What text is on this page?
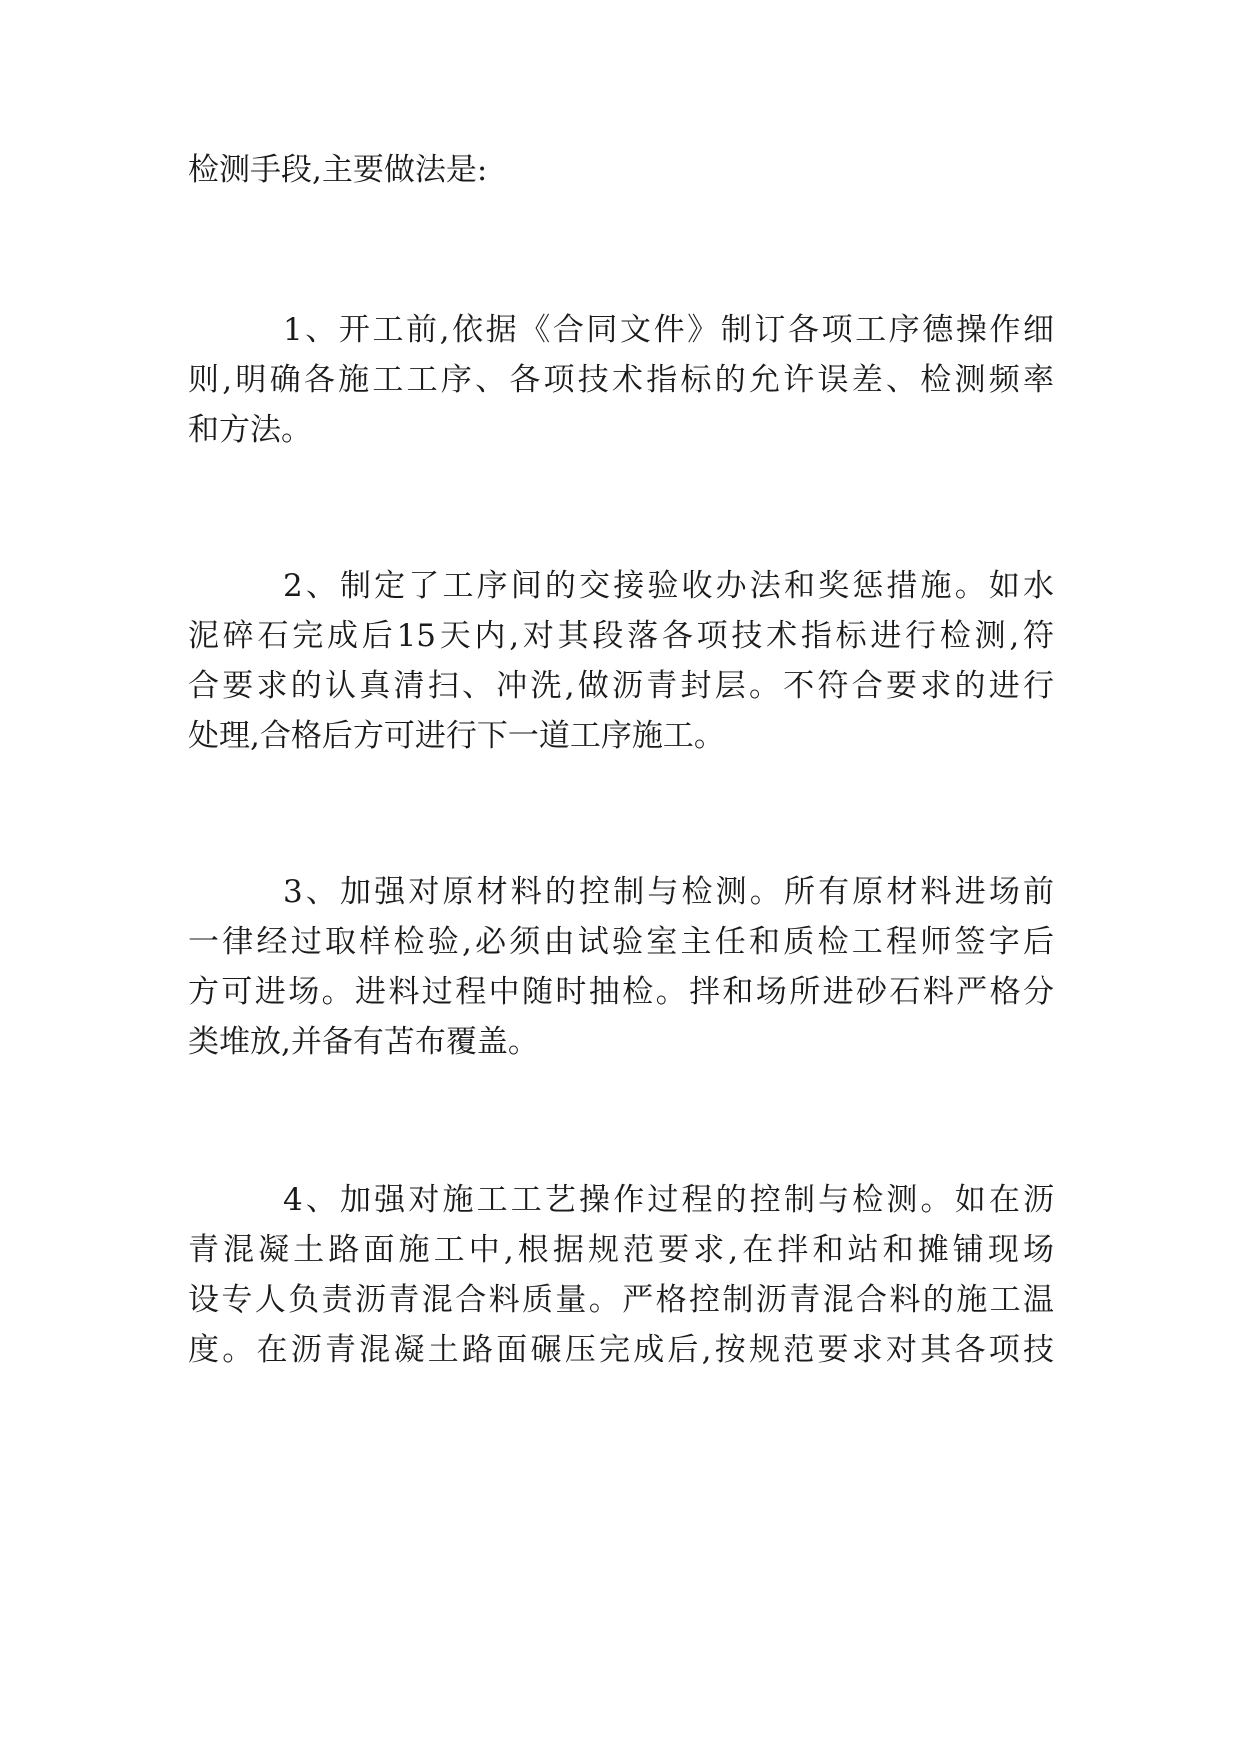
检测手段,主要做法是:
1、开工前,依据《合同文件》制订各项工序德操作细
则,明确各施工工序、各项技术指标的允许误差、检测频率
和方法。
2、制定了工序间的交接验收办法和奖惩措施。如水
泥碎石完成后15天内,对其段落各项技术指标进行检测,符
合要求的认真清扫、冲洗,做沥青封层。不符合要求的进行
处理,合格后方可进行下一道工序施工。
3、加强对原材料的控制与检测。所有原材料进场前
一律经过取样检验,必须由试验室主任和质检工程师签字后
方可进场。进料过程中随时抽检。拌和场所进砂石料严格分
类堆放,并备有苫布覆盖。
4、加强对施工工艺操作过程的控制与检测。如在沥
青混凝土路面施工中,根据规范要求,在拌和站和摊铺现场
设专人负责沥青混合料质量。严格控制沥青混合料的施工温
度。在沥青混凝土路面碾压完成后,按规范要求对其各项技
